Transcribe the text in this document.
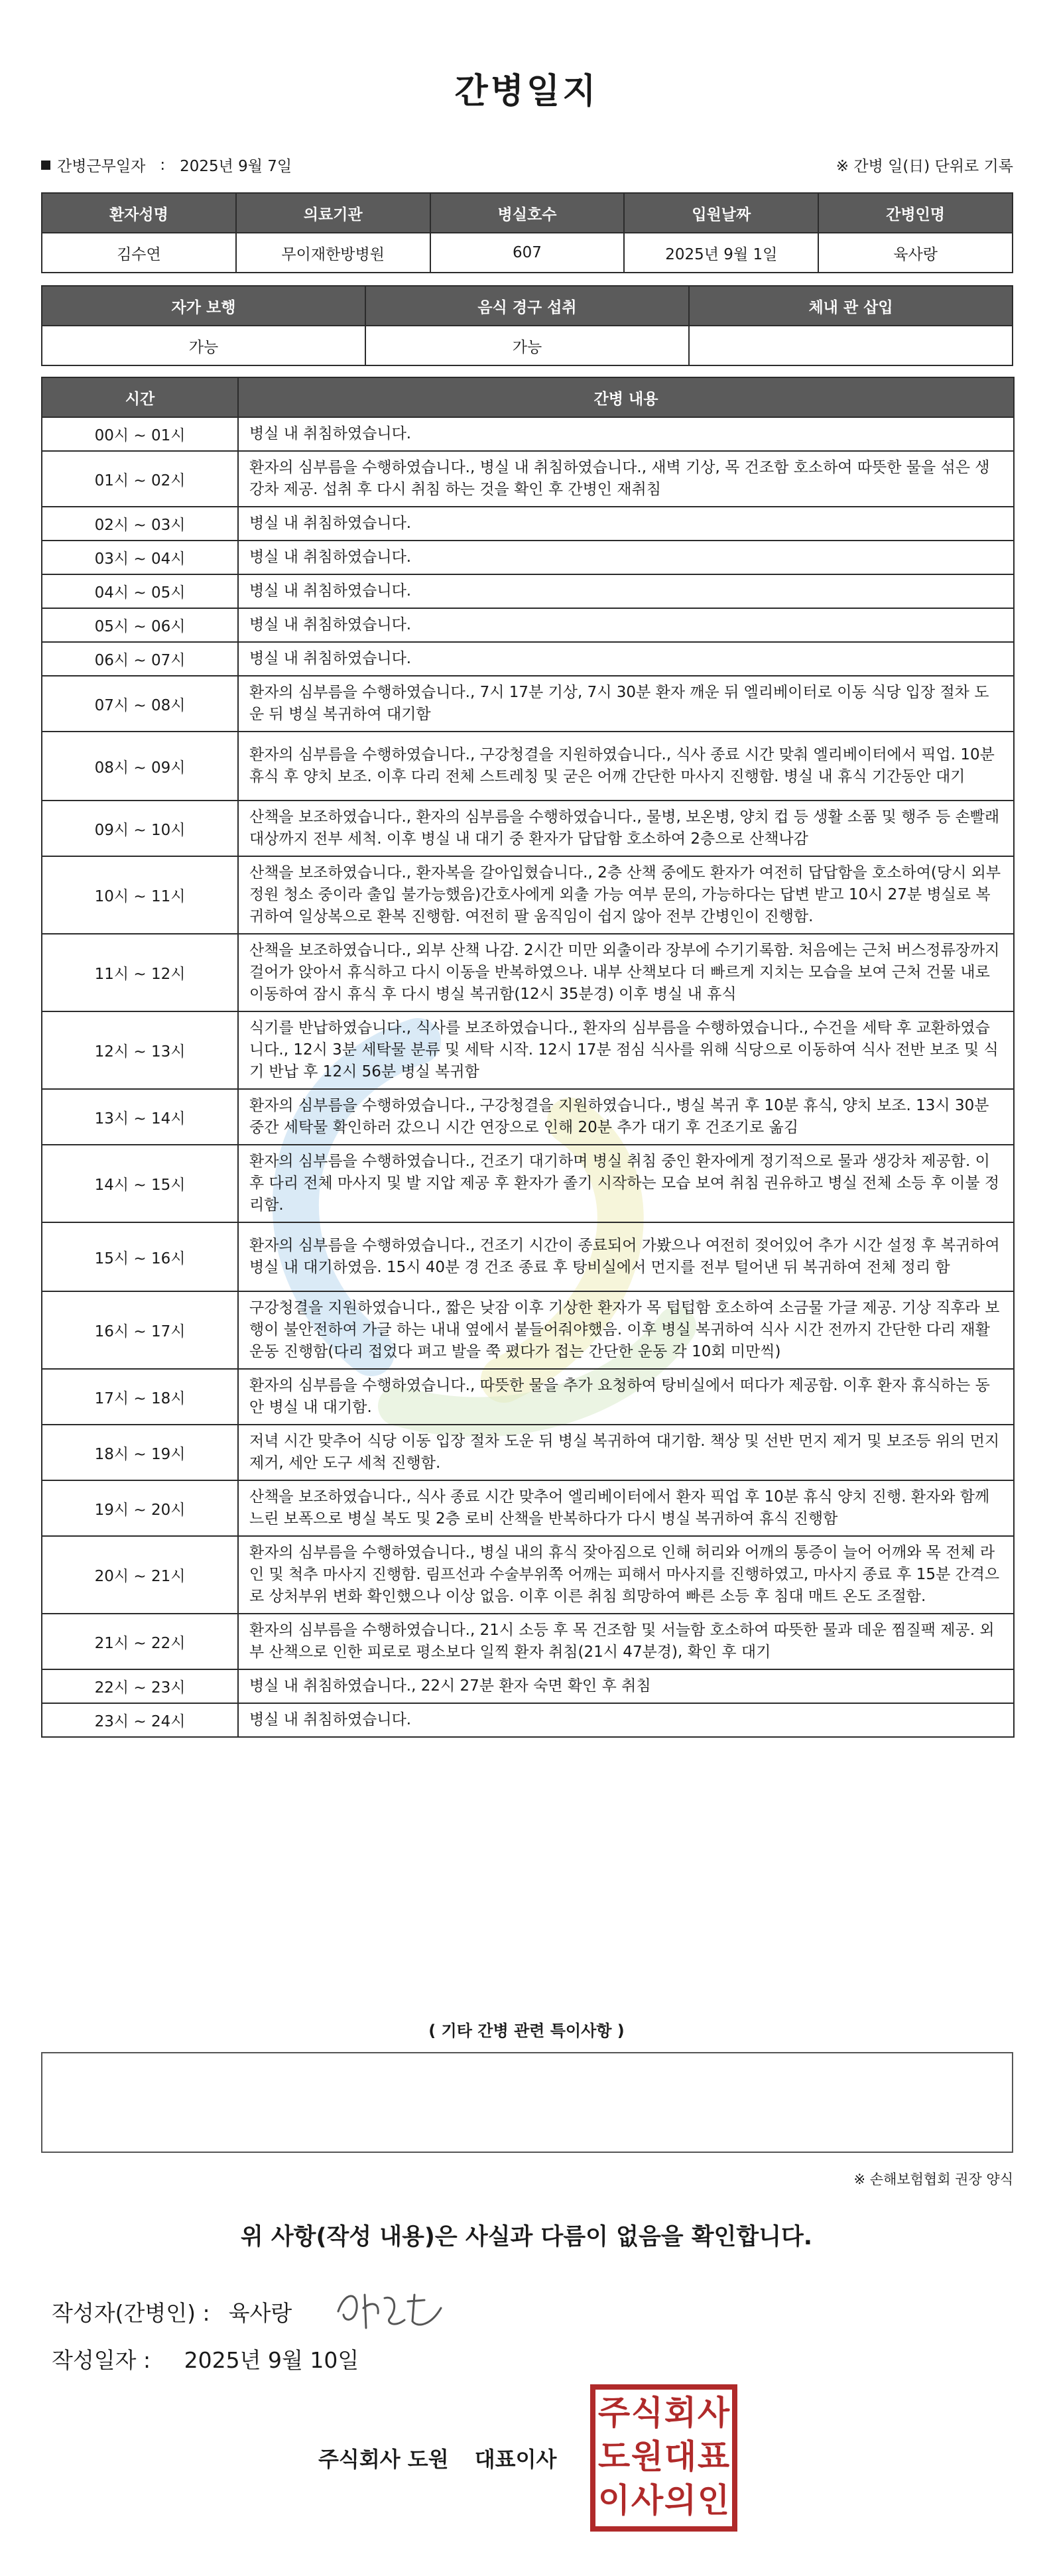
간병일지
간병근무일자 : 2025년 9월 7일	※ 간병 일(日) 단위로 기록
환자성명	의료기관	병실호수	입원날짜	간병인명
김수연	무이재한방병원	607	2025년 9월 1일	육사랑
자가 보행	음식 경구 섭취	체내 관 삽입
가능	가능	
시간	간병 내용
00시 ~ 01시	병실 내 취침하였습니다.
01시 ~ 02시	환자의 심부름을 수행하였습니다., 병실 내 취침하였습니다., 새벽 기상, 목 건조함 호소하여 따뜻한 물을 섞은 생강차 제공. 섭취 후 다시 취침 하는 것을 확인 후 간병인 재취침
02시 ~ 03시	병실 내 취침하였습니다.
03시 ~ 04시	병실 내 취침하였습니다.
04시 ~ 05시	병실 내 취침하였습니다.
05시 ~ 06시	병실 내 취침하였습니다.
06시 ~ 07시	병실 내 취침하였습니다.
07시 ~ 08시	환자의 심부름을 수행하였습니다., 7시 17분 기상, 7시 30분 환자 깨운 뒤 엘리베이터로 이동 식당 입장 절차 도운 뒤 병실 복귀하여 대기함
08시 ~ 09시	환자의 심부름을 수행하였습니다., 구강청결을 지원하였습니다., 식사 종료 시간 맞춰 엘리베이터에서 픽업. 10분 휴식 후 양치 보조. 이후 다리 전체 스트레칭 및 굳은 어깨 간단한 마사지 진행함. 병실 내 휴식 기간동안 대기
09시 ~ 10시	산책을 보조하였습니다., 환자의 심부름을 수행하였습니다., 물병, 보온병, 양치 컵 등 생활 소품 및 행주 등 손빨래 대상까지 전부 세척. 이후 병실 내 대기 중 환자가 답답함 호소하여 2층으로 산책나감
10시 ~ 11시	산책을 보조하였습니다., 환자복을 갈아입혔습니다., 2층 산책 중에도 환자가 여전히 답답함을 호소하여(당시 외부정원 청소 중이라 출입 불가능했음)간호사에게 외출 가능 여부 문의, 가능하다는 답변 받고 10시 27분 병실로 복귀하여 일상복으로 환복 진행함. 여전히 팔 움직임이 쉽지 않아 전부 간병인이 진행함.
11시 ~ 12시	산책을 보조하였습니다., 외부 산책 나감. 2시간 미만 외출이라 장부에 수기기록함. 처음에는 근처 버스정류장까지 걸어가 앉아서 휴식하고 다시 이동을 반복하였으나. 내부 산책보다 더 빠르게 지치는 모습을 보여 근처 건물 내로 이동하여 잠시 휴식 후 다시 병실 복귀함(12시 35분경) 이후 병실 내 휴식
12시 ~ 13시	식기를 반납하였습니다., 식사를 보조하였습니다., 환자의 심부름을 수행하였습니다., 수건을 세탁 후 교환하였습니다., 12시 3분 세탁물 분류 및 세탁 시작. 12시 17분 점심 식사를 위해 식당으로 이동하여 식사 전반 보조 및 식기 반납 후 12시 56분 병실 복귀함
13시 ~ 14시	환자의 심부름을 수행하였습니다., 구강청결을 지원하였습니다., 병실 복귀 후 10분 휴식, 양치 보조. 13시 30분 중간 세탁물 확인하러 갔으니 시간 연장으로 인해 20분 추가 대기 후 건조기로 옮김
14시 ~ 15시	환자의 심부름을 수행하였습니다., 건조기 대기하며 병실 취침 중인 환자에게 정기적으로 물과 생강차 제공함. 이후 다리 전체 마사지 및 발 지압 제공 후 환자가 졸기 시작하는 모습 보여 취침 권유하고 병실 전체 소등 후 이불 정리함.
15시 ~ 16시	환자의 심부름을 수행하였습니다., 건조기 시간이 종료되어 가봤으나 여전히 젖어있어 추가 시간 설정 후 복귀하여 병실 내 대기하였음. 15시 40분 경 건조 종료 후 탕비실에서 먼지를 전부 털어낸 뒤 복귀하여 전체 정리 함
16시 ~ 17시	구강청결을 지원하였습니다., 짧은 낮잠 이후 기상한 환자가 목 텁텁함 호소하여 소금물 가글 제공. 기상 직후라 보행이 불안전하여 가글 하는 내내 옆에서 붙들어줘야했음. 이후 병실 복귀하여 식사 시간 전까지 간단한 다리 재활운동 진행함(다리 접었다 펴고 발을 쭉 폈다가 접는 간단한 운동 각 10회 미만씩)
17시 ~ 18시	환자의 심부름을 수행하였습니다., 따뜻한 물을 추가 요청하여 탕비실에서 떠다가 제공함. 이후 환자 휴식하는 동안 병실 내 대기함.
18시 ~ 19시	저녁 시간 맞추어 식당 이동 입장 절차 도운 뒤 병실 복귀하여 대기함. 책상 및 선반 먼지 제거 및 보조등 위의 먼지 제거, 세안 도구 세척 진행함.
19시 ~ 20시	산책을 보조하였습니다., 식사 종료 시간 맞추어 엘리베이터에서 환자 픽업 후 10분 휴식 양치 진행. 환자와 함께 느린 보폭으로 병실 복도 및 2층 로비 산책을 반복하다가 다시 병실 복귀하여 휴식 진행함
20시 ~ 21시	환자의 심부름을 수행하였습니다., 병실 내의 휴식 잦아짐으로 인해 허리와 어깨의 통증이 늘어 어깨와 목 전체 라인 및 척추 마사지 진행함. 림프선과 수술부위쪽 어깨는 피해서 마사지를 진행하였고, 마사지 종료 후 15분 간격으로 상처부위 변화 확인했으나 이상 없음. 이후 이른 취침 희망하여 빠른 소등 후 침대 매트 온도 조절함.
21시 ~ 22시	환자의 심부름을 수행하였습니다., 21시 소등 후 목 건조함 및 서늘함 호소하여 따뜻한 물과 데운 찜질팩 제공. 외부 산책으로 인한 피로로 평소보다 일찍 환자 취침(21시 47분경), 확인 후 대기
22시 ~ 23시	병실 내 취침하였습니다., 22시 27분 환자 숙면 확인 후 취침
23시 ~ 24시	병실 내 취침하였습니다.
( 기타 간병 관련 특이사항 )
※ 손해보험협회 권장 양식
위 사항(작성 내용)은 사실과 다름이 없음을 확인합니다.
작성자(간병인) : 육사랑
작성일자 : 2025년 9월 10일
주식회사 도원 대표이사
주 식 회 사
도 원 대 표
이 사 의 인
